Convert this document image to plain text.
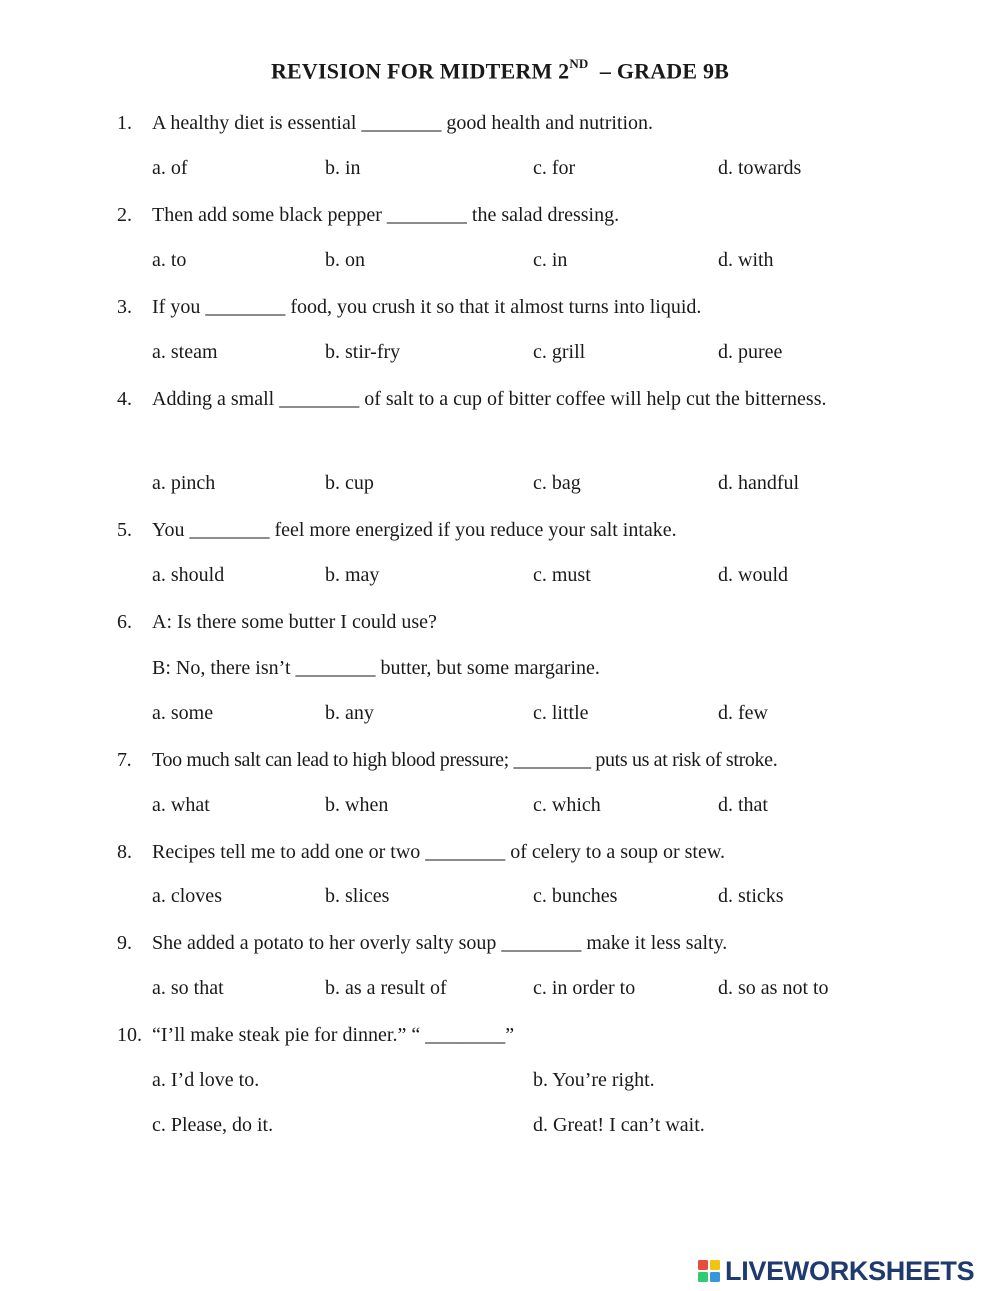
REVISION FOR MIDTERM 2ND – GRADE 9B
1. A healthy diet is essential ________ good health and nutrition.
a. of	b. in	c. for	d. towards
2. Then add some black pepper ________ the salad dressing.
a. to	b. on	c. in	d. with
3. If you ________ food, you crush it so that it almost turns into liquid.
a. steam	b. stir-fry	c. grill	d. puree
4. Adding a small ________ of salt to a cup of bitter coffee will help cut the bitterness.
a. pinch	b. cup	c. bag	d. handful
5. You ________ feel more energized if you reduce your salt intake.
a. should	b. may	c. must	d. would
6. A: Is there some butter I could use?
B: No, there isn’t ________ butter, but some margarine.
a. some	b. any	c. little	d. few
7. Too much salt can lead to high blood pressure; ________ puts us at risk of stroke.
a. what	b. when	c. which	d. that
8. Recipes tell me to add one or two ________ of celery to a soup or stew.
a. cloves	b. slices	c. bunches	d. sticks
9. She added a potato to her overly salty soup ________ make it less salty.
a. so that	b. as a result of	c. in order to	d. so as not to
10. “I’ll make steak pie for dinner.” “ ________”
a. I’d love to.	b. You’re right.
c. Please, do it.	d. Great! I can’t wait.
LIVEWORKSHEETS
